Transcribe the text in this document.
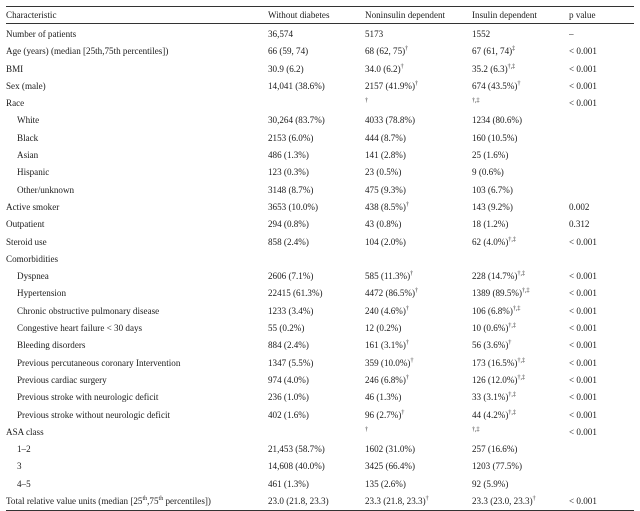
Characteristic	Without diabetes	Noninsulin dependent	Insulin dependent	p value
Number of patients	36,574	5173	1552	–
Age (years) (median [25th,75th percentiles])	66 (59, 74)	68 (62, 75)†	67 (61, 74)‡	< 0.001
BMI	30.9 (6.2)	34.0 (6.2)†	35.2 (6.3)†,‡	< 0.001
Sex (male)	14,041 (38.6%)	2157 (41.9%)†	674 (43.5%)†	< 0.001
Race		†	†,‡	< 0.001
White	30,264 (83.7%)	4033 (78.8%)	1234 (80.6%)	
Black	2153 (6.0%)	444 (8.7%)	160 (10.5%)	
Asian	486 (1.3%)	141 (2.8%)	25 (1.6%)	
Hispanic	123 (0.3%)	23 (0.5%)	9 (0.6%)	
Other/unknown	3148 (8.7%)	475 (9.3%)	103 (6.7%)	
Active smoker	3653 (10.0%)	438 (8.5%)†	143 (9.2%)	0.002
Outpatient	294 (0.8%)	43 (0.8%)	18 (1.2%)	0.312
Steroid use	858 (2.4%)	104 (2.0%)	62 (4.0%)†,‡	< 0.001
Comorbidities				
Dyspnea	2606 (7.1%)	585 (11.3%)†	228 (14.7%)†,‡	< 0.001
Hypertension	22415 (61.3%)	4472 (86.5%)†	1389 (89.5%)†,‡	< 0.001
Chronic obstructive pulmonary disease	1233 (3.4%)	240 (4.6%)†	106 (6.8%)†,‡	< 0.001
Congestive heart failure < 30 days	55 (0.2%)	12 (0.2%)	10 (0.6%)†,‡	< 0.001
Bleeding disorders	884 (2.4%)	161 (3.1%)†	56 (3.6%)†	< 0.001
Previous percutaneous coronary Intervention	1347 (5.5%)	359 (10.0%)†	173 (16.5%)†,‡	< 0.001
Previous cardiac surgery	974 (4.0%)	246 (6.8%)†	126 (12.0%)†,‡	< 0.001
Previous stroke with neurologic deficit	236 (1.0%)	46 (1.3%)	33 (3.1%)†,‡	< 0.001
Previous stroke without neurologic deficit	402 (1.6%)	96 (2.7%)†	44 (4.2%)†,‡	< 0.001
ASA class		†	†,‡	< 0.001
1–2	21,453 (58.7%)	1602 (31.0%)	257 (16.6%)	
3	14,608 (40.0%)	3425 (66.4%)	1203 (77.5%)	
4–5	461 (1.3%)	135 (2.6%)	92 (5.9%)	
Total relative value units (median [25th,75th percentiles])	23.0 (21.8, 23.3)	23.3 (21.8, 23.3)†	23.3 (23.0, 23.3)†	< 0.001
